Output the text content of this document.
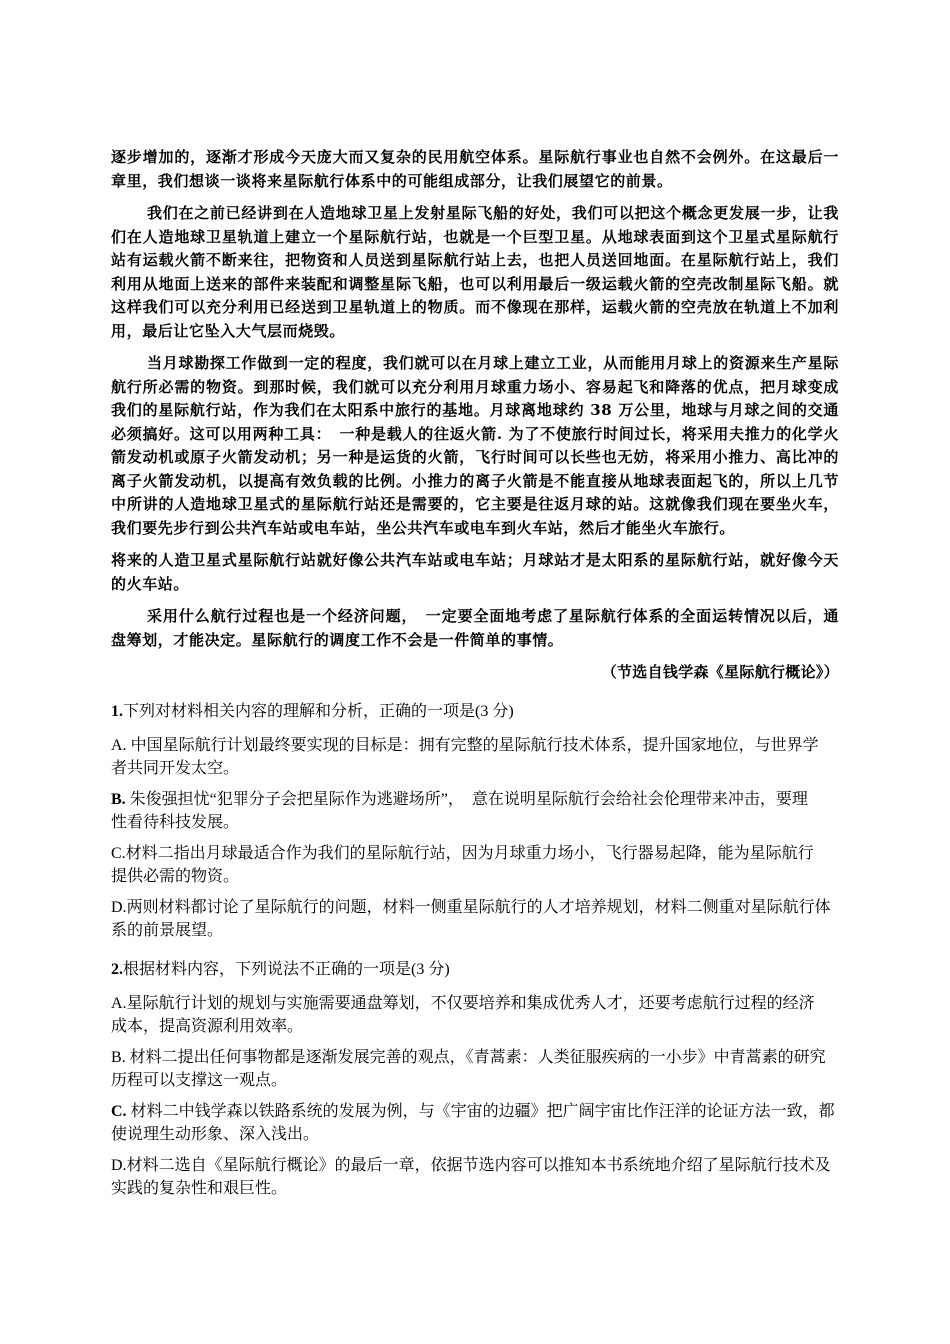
逐步增加的，逐渐才形成今天庞大而又复杂的民用航空体系。星际航行事业也自然不会例外。在这最后一章里，我们想谈一谈将来星际航行体系中的可能组成部分，让我们展望它的前景。

我们在之前已经讲到在人造地球卫星上发射星际飞船的好处，我们可以把这个概念更发展一步，让我们在人造地球卫星轨道上建立一个星际航行站，也就是一个巨型卫星。从地球表面到这个卫星式星际航行站有运载火箭不断来往，把物资和人员送到星际航行站上去，也把人员送回地面。在星际航行站上，我们利用从地面上送来的部件来装配和调整星际飞船，也可以利用最后一级运载火箭的空壳改制星际飞船。就这样我们可以充分利用已经送到卫星轨道上的物质。而不像现在那样，运载火箭的空壳放在轨道上不加利用，最后让它坠入大气层而烧毁。

当月球勘探工作做到一定的程度，我们就可以在月球上建立工业，从而能用月球上的资源来生产星际航行所必需的物资。到那时候，我们就可以充分利用月球重力场小、容易起飞和降落的优点，把月球变成我们的星际航行站，作为我们在太阳系中旅行的基地。月球离地球约 38 万公里，地球与月球之间的交通必须搞好。这可以用两种工具：　一种是载人的往返火箭. 为了不使旅行时间过长，将采用夫推力的化学火箭发动机或原子火箭发动机；另一种是运货的火箭，飞行时间可以长些也无妨，将采用小推力、高比冲的离子火箭发动机，以提高有效负载的比例。小推力的离子火箭是不能直接从地球表面起飞的，所以上几节中所讲的人造地球卫星式的星际航行站还是需要的，它主要是往返月球的站。这就像我们现在要坐火车，我们要先步行到公共汽车站或电车站，坐公共汽车或电车到火车站，然后才能坐火车旅行。

将来的人造卫星式星际航行站就好像公共汽车站或电车站；月球站才是太阳系的星际航行站，就好像今天的火车站。

采用什么航行过程也是一个经济问题，　一定要全面地考虑了星际航行体系的全面运转情况以后，通盘筹划，才能决定。星际航行的调度工作不会是一件简单的事情。

（节选自钱学森《星际航行概论》）

1.下列对材料相关内容的理解和分析，正确的一项是(3 分)

A. 中国星际航行计划最终要实现的目标是：拥有完整的星际航行技术体系，提升国家地位，与世界学　者共同开发太空。

B. 朱俊强担忧“犯罪分子会把星际作为逃避场所”，　意在说明星际航行会给社会伦理带来冲击，要理　性看待科技发展。

C.材料二指出月球最适合作为我们的星际航行站，因为月球重力场小，飞行器易起降，能为星际航行　提供必需的物资。

D.两则材料都讨论了星际航行的问题，材料一侧重星际航行的人才培养规划，材料二侧重对星际航行体系的前景展望。

2.根据材料内容，下列说法不正确的一项是(3 分)

A.星际航行计划的规划与实施需要通盘筹划，不仅要培养和集成优秀人才，还要考虑航行过程的经济　成本，提高资源利用效率。

B. 材料二提出任何事物都是逐渐发展完善的观点，《青蒿素：人类征服疾病的一小步》中青蒿素的研究历程可以支撑这一观点。

C. 材料二中钱学森以铁路系统的发展为例，与《宇宙的边疆》把广阔宇宙比作汪洋的论证方法一致，都使说理生动形象、深入浅出。

D.材料二选自《星际航行概论》的最后一章，依据节选内容可以推知本书系统地介绍了星际航行技术及实践的复杂性和艰巨性。
